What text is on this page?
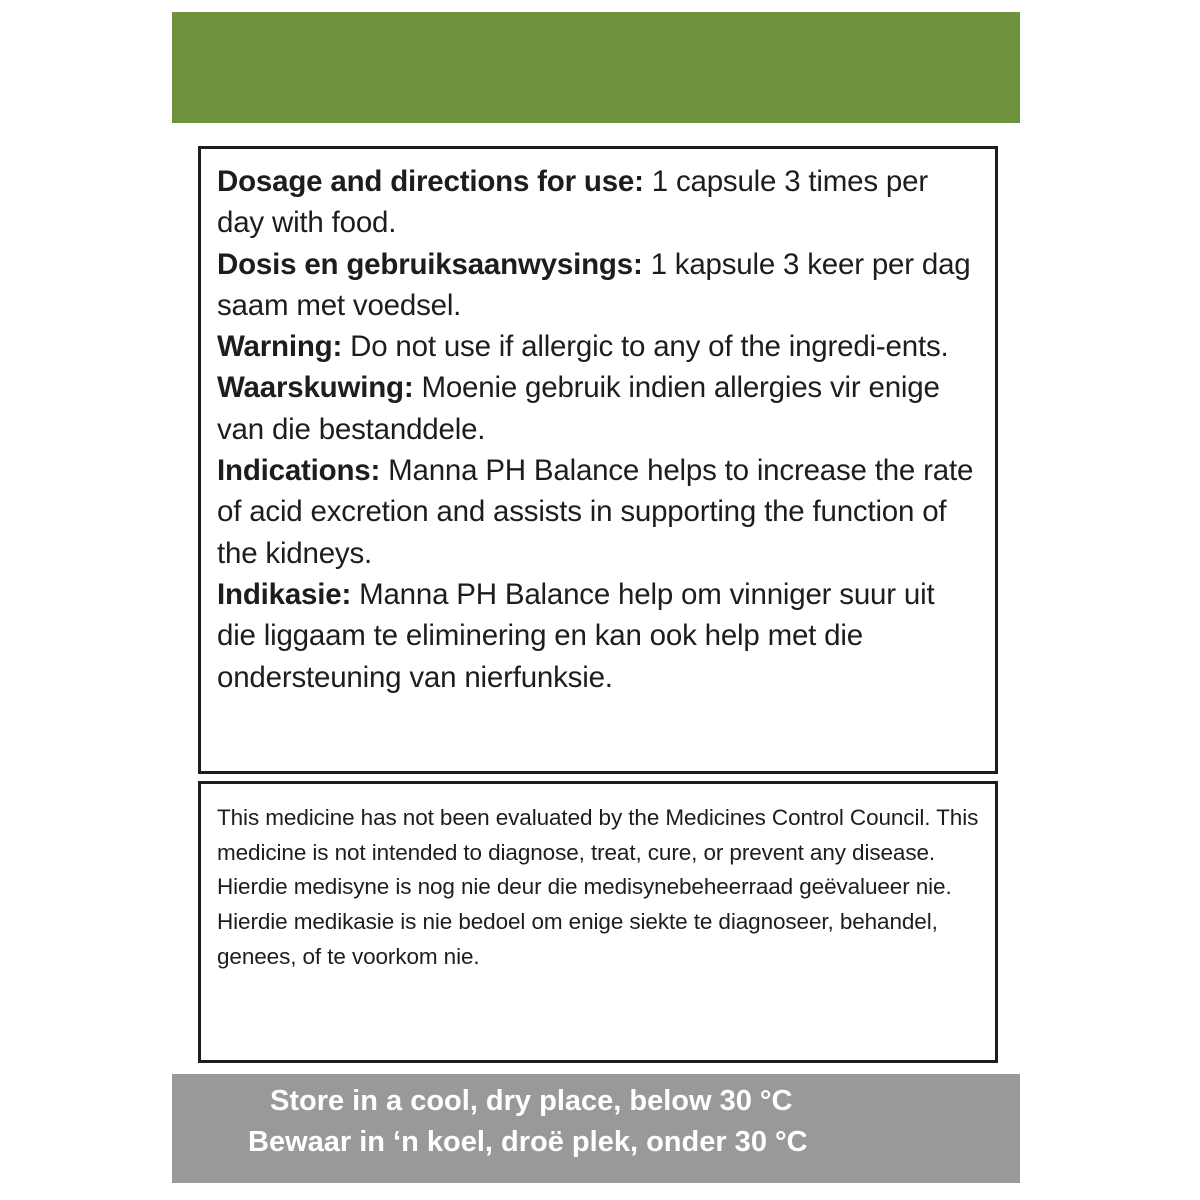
Dosage and directions for use: 1 capsule 3 times per day with food.

Dosis en gebruiksaanwysings: 1 kapsule 3 keer per dag saam met voedsel.

Warning: Do not use if allergic to any of the ingredi-ents.

Waarskuwing: Moenie gebruik indien allergies vir enige van die bestanddele.

Indications: Manna PH Balance helps to increase the rate of acid excretion and assists in supporting the function of the kidneys.

Indikasie: Manna PH Balance help om vinniger suur uit die liggaam te eliminering en kan ook help met die ondersteuning van nierfunksie.

This medicine has not been evaluated by the Medicines Control Council. This medicine is not intended to diagnose, treat, cure, or prevent any disease.

Hierdie medisyne is nog nie deur die medisynebeheerraad geëvalueer nie. Hierdie medikasie is nie bedoel om enige siekte te diagnoseer, behandel, genees, of te voorkom nie.

Store in a cool, dry place, below 30 °C
Bewaar in ‘n koel, droë plek, onder 30 °C
